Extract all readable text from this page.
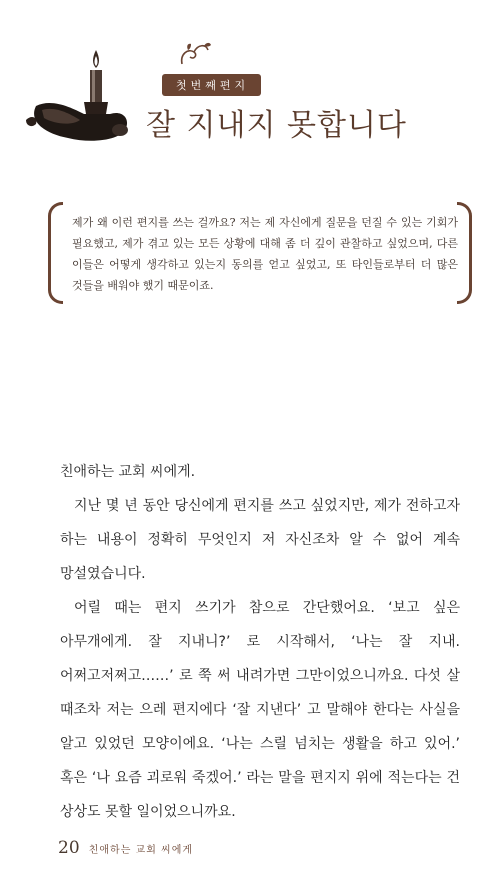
첫번째편지
잘 지내지 못합니다
제가 왜 이런 편지를 쓰는 걸까요? 저는 제 자신에게 질문을 던질 수 있는 기회가 필요했고, 제가 겪고 있는 모든 상황에 대해 좀 더 깊이 관찰하고 싶었으며, 다른 이들은 어떻게 생각하고 있는지 동의를 얻고 싶었고, 또 타인들로부터 더 많은 것들을 배워야 했기 때문이죠.

친애하는 교회 씨에게.

지난 몇 년 동안 당신에게 편지를 쓰고 싶었지만, 제가 전하고자 하는 내용이 정확히 무엇인지 저 자신조차 알 수 없어 계속 망설였습니다.

어릴 때는 편지 쓰기가 참으로 간단했어요. ‘보고 싶은 아무개에게. 잘 지내니?’ 로 시작해서, ‘나는 잘 지내. 어쩌고저쩌고……’ 로 쭉 써 내려가면 그만이었으니까요. 다섯 살 때조차 저는 으레 편지에다 ‘잘 지낸다’ 고 말해야 한다는 사실을 알고 있었던 모양이에요. ‘나는 스릴 넘치는 생활을 하고 있어.’ 혹은 ‘나 요즘 괴로워 죽겠어.’ 라는 말을 편지지 위에 적는다는 건 상상도 못할 일이었으니까요.

20 친애하는 교회 씨에게
